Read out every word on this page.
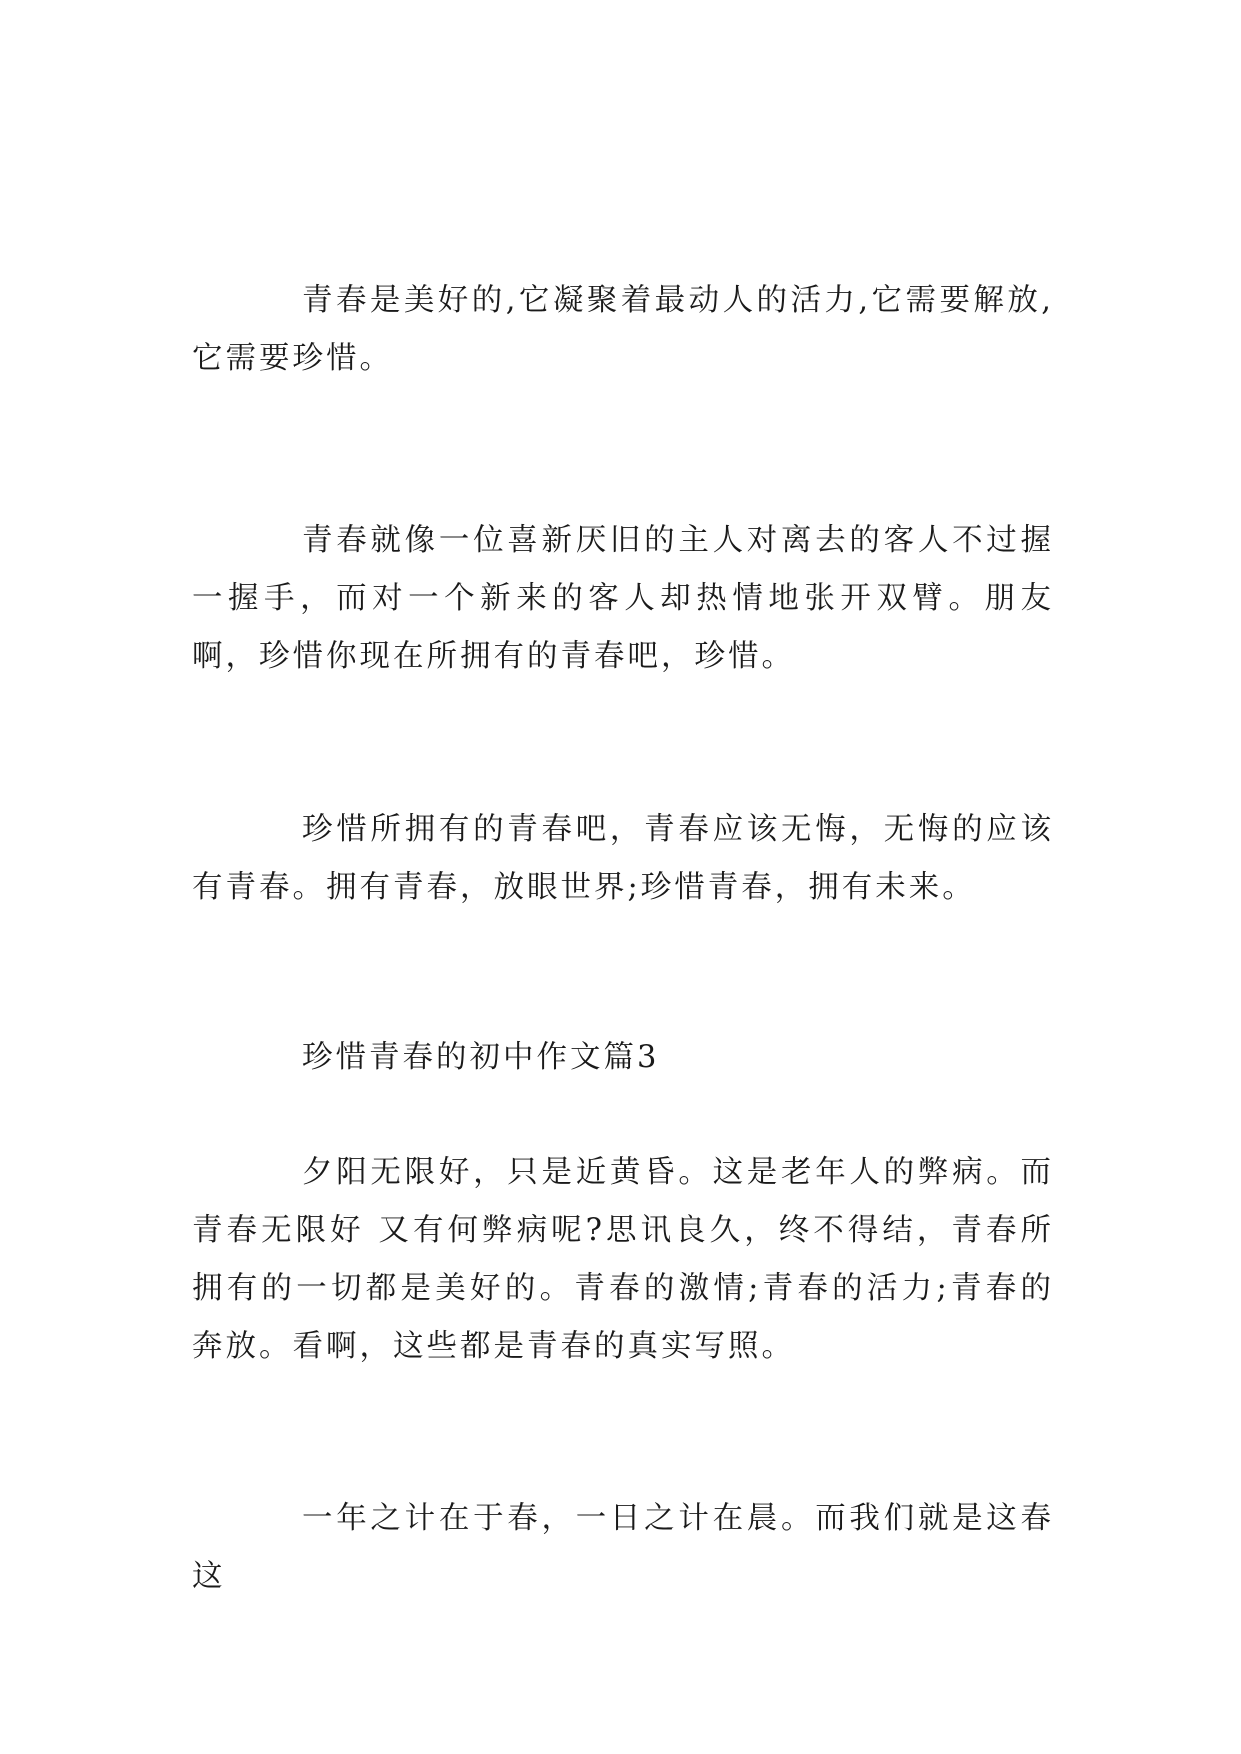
青春是美好的,它凝聚着最动人的活力,它需要解放,它需要珍惜。

青春就像一位喜新厌旧的主人对离去的客人不过握一握手，而对一个新来的客人却热情地张开双臂。朋友啊，珍惜你现在所拥有的青春吧，珍惜。

珍惜所拥有的青春吧，青春应该无悔，无悔的应该有青春。拥有青春，放眼世界;珍惜青春，拥有未来。

珍惜青春的初中作文篇3

夕阳无限好，只是近黄昏。这是老年人的弊病。而青春无限好 又有何弊病呢?思讯良久，终不得结，青春所拥有的一切都是美好的。青春的激情;青春的活力;青春的奔放。看啊，这些都是青春的真实写照。

一年之计在于春，一日之计在晨。而我们就是这春这
